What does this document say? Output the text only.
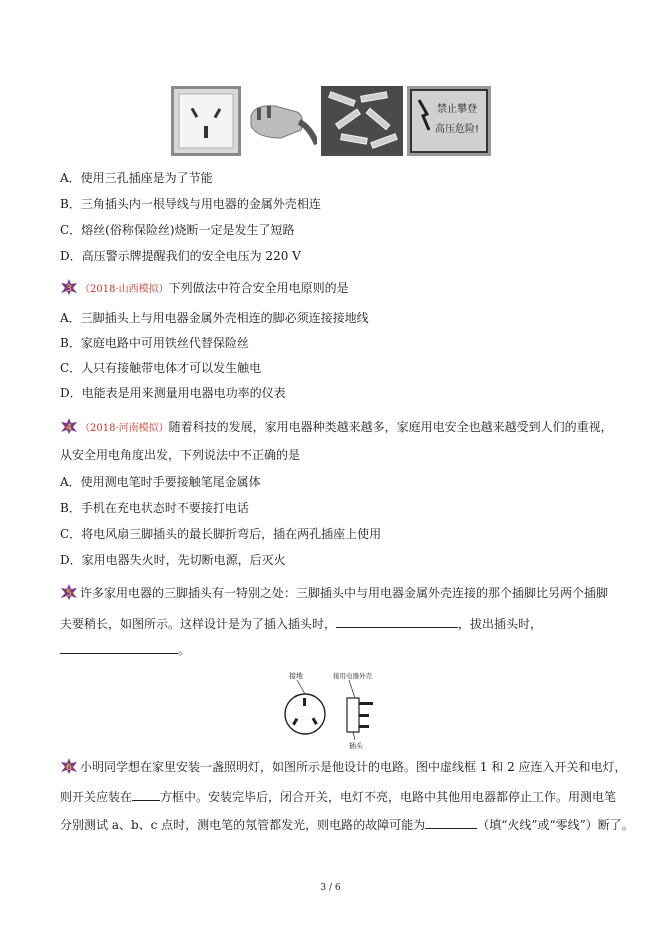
禁止攀登
高压危险!
A．使用三孔插座是为了节能
B．三角插头内一根导线与用电器的金属外壳相连
C．熔丝(俗称保险丝)烧断一定是发生了短路
D．高压警示牌提醒我们的安全电压为 220 V
3 （2018·山西模拟）下列做法中符合安全用电原则的是
A．三脚插头上与用电器金属外壳相连的脚必须连接接地线
B．家庭电路中可用铁丝代替保险丝
C．人只有接触带电体才可以发生触电
D．电能表是用来测量用电器电功率的仪表
4 （2018·河南模拟）随着科技的发展，家用电器种类越来越多，家庭用电安全也越来越受到人们的重视，
从安全用电角度出发，下列说法中不正确的是
A．使用测电笔时手要接触笔尾金属体
B．手机在充电状态时不要接打电话
C．将电风扇三脚插头的最长脚折弯后，插在两孔插座上使用
D．家用电器失火时，先切断电源，后灭火
5 许多家用电器的三脚插头有一特别之处：三脚插头中与用电器金属外壳连接的那个插脚比另两个插脚
夫要稍长，如图所示。这样设计是为了插入插头时，	，拔出插头时，
。
接地	接用电器外壳
插头
6 小明同学想在家里安装一盏照明灯，如图所示是他设计的电路。图中虚线框 1 和 2 应连入开关和电灯，
则开关应装在 方框中。安装完毕后，闭合开关，电灯不亮，电路中其他用电器都停止工作。用测电笔
分别测试 a、b、c 点时，测电笔的氖管都发光，则电路的故障可能为	（填“火线”或“零线”）断了。
3 / 6
